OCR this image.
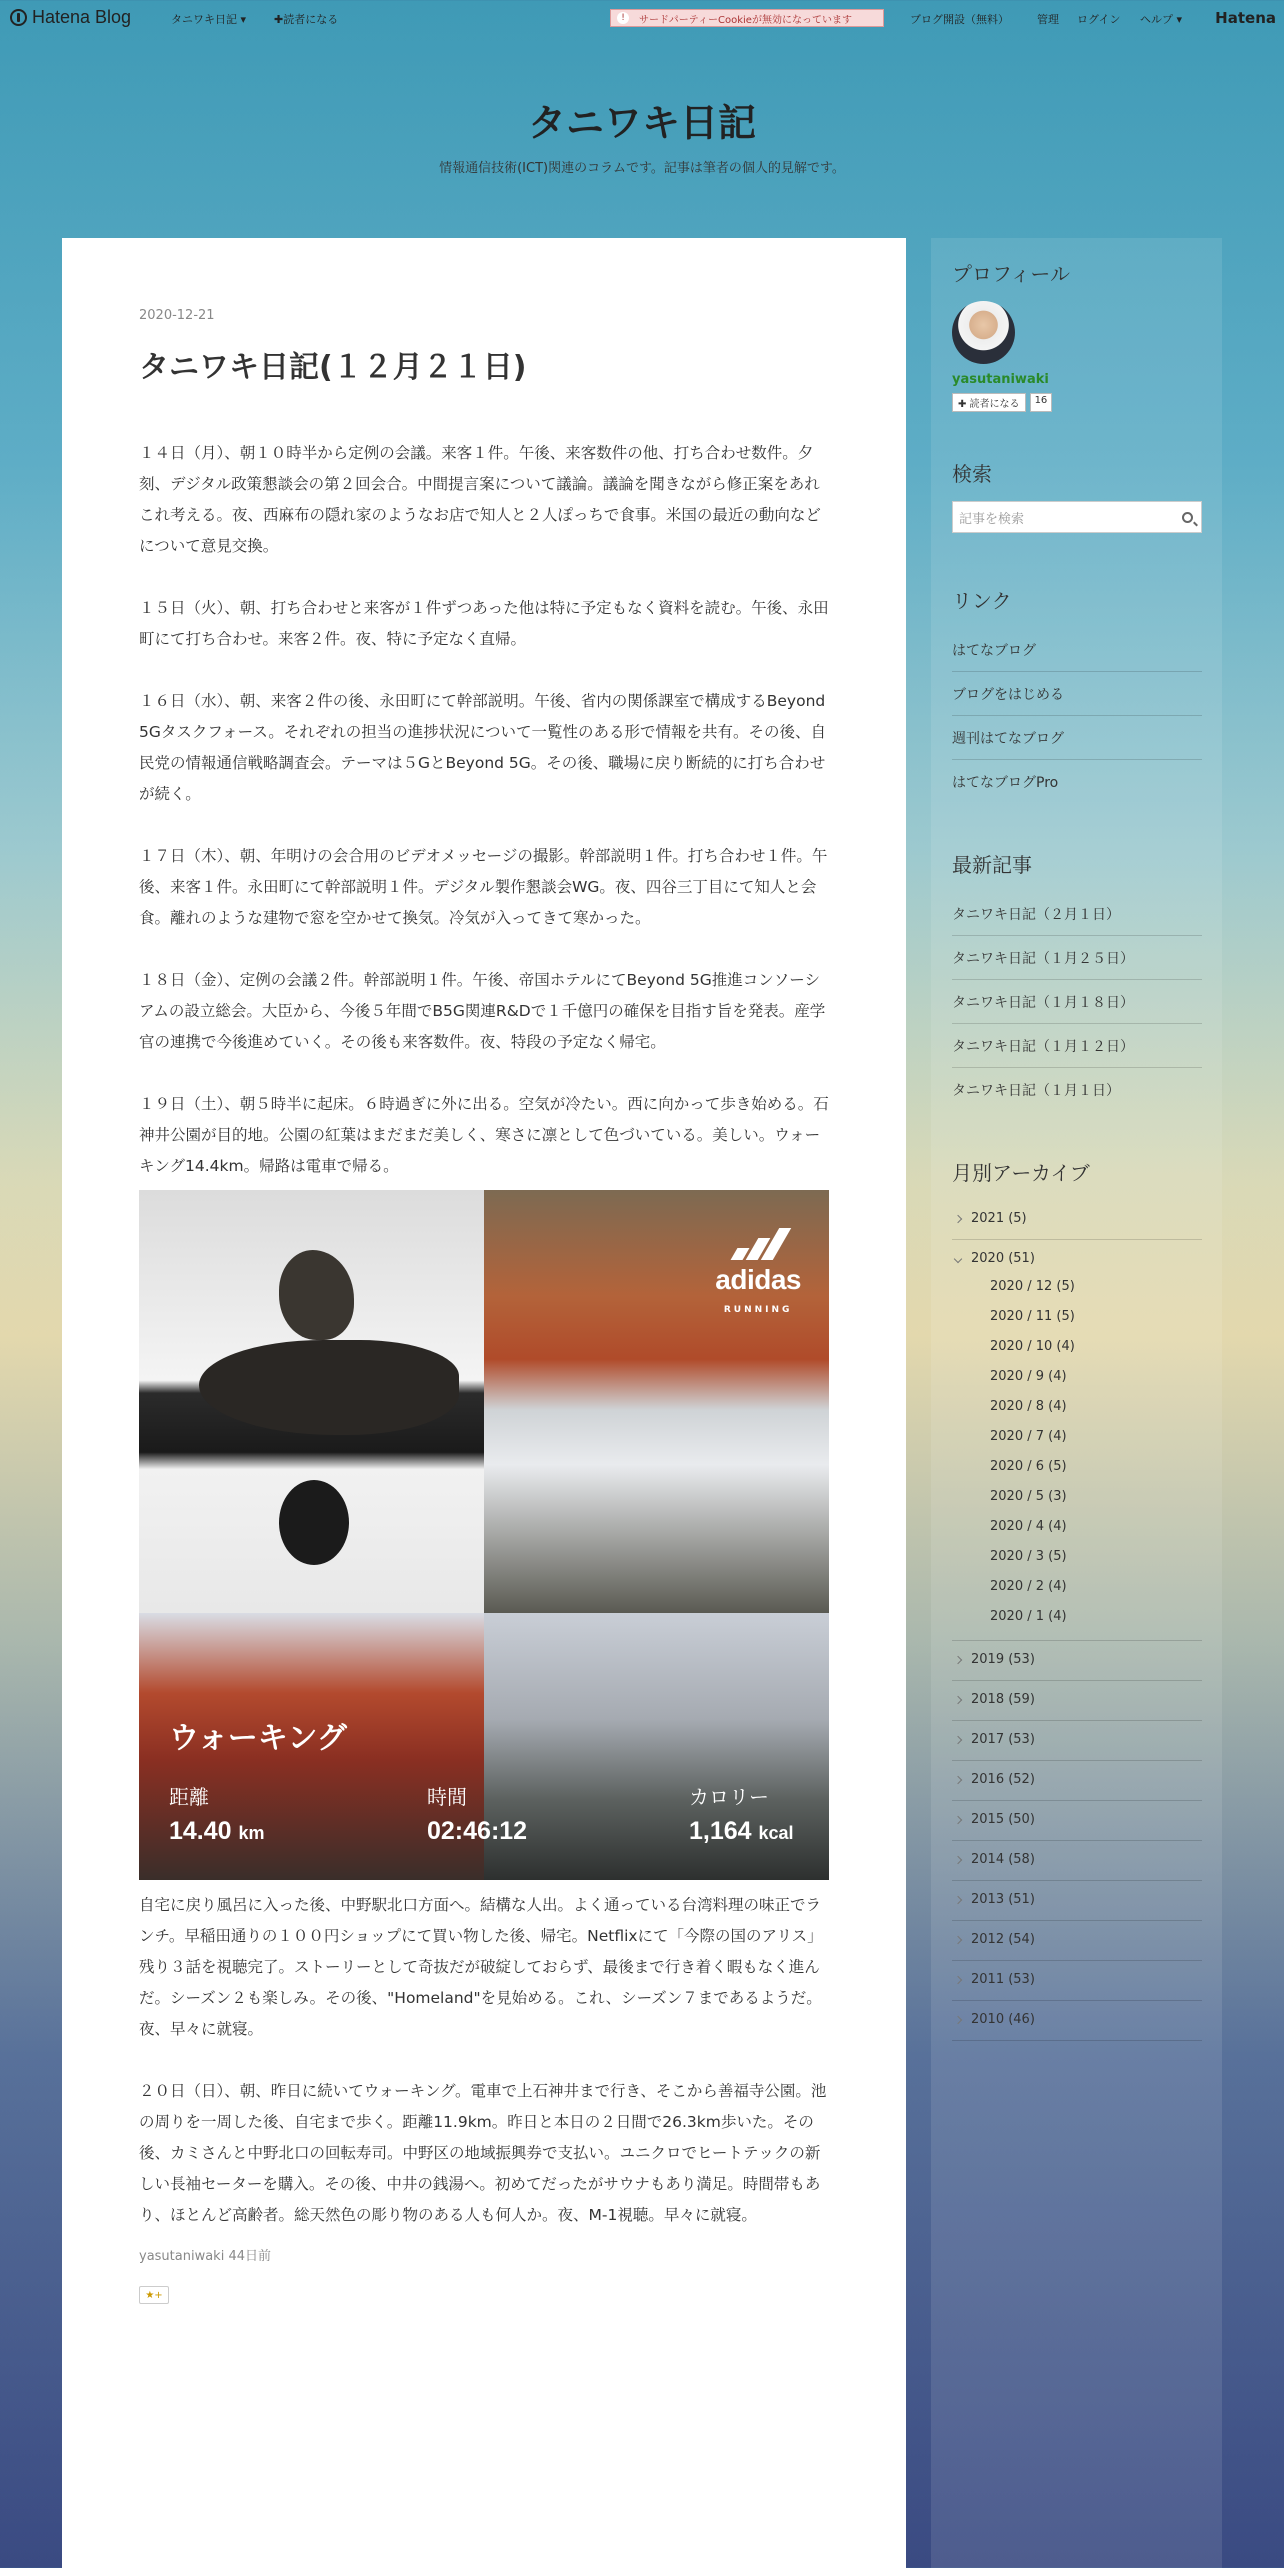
Hatena Blog	タニワキ日記 ▾	✚読者になる	!	サードパーティーCookieが無効になっています	ブログ開設（無料）	管理 ログイン ヘルプ ▾ Hatena
タニワキ日記
情報通信技術(ICT)関連のコラムです。記事は筆者の個人的見解です。
2020-12-21
タニワキ日記(１２月２１日)

１４日（月）、朝１０時半から定例の会議。来客１件。午後、来客数件の他、打ち合わせ数件。夕刻、デジタル政策懇談会の第２回会合。中間提言案について議論。議論を聞きながら修正案をあれこれ考える。夜、西麻布の隠れ家のようなお店で知人と２人ぽっちで食事。米国の最近の動向などについて意見交換。

１５日（火）、朝、打ち合わせと来客が１件ずつあった他は特に予定もなく資料を読む。午後、永田町にて打ち合わせ。来客２件。夜、特に予定なく直帰。

１６日（水）、朝、来客２件の後、永田町にて幹部説明。午後、省内の関係課室で構成するBeyond 5Gタスクフォース。それぞれの担当の進捗状況について一覧性のある形で情報を共有。その後、自民党の情報通信戦略調査会。テーマは５GとBeyond 5G。その後、職場に戻り断続的に打ち合わせが続く。

１７日（木）、朝、年明けの会合用のビデオメッセージの撮影。幹部説明１件。打ち合わせ１件。午後、来客１件。永田町にて幹部説明１件。デジタル製作懇談会WG。夜、四谷三丁目にて知人と会食。離れのような建物で窓を空かせて換気。冷気が入ってきて寒かった。

１８日（金）、定例の会議２件。幹部説明１件。午後、帝国ホテルにてBeyond 5G推進コンソーシアムの設立総会。大臣から、今後５年間でB5G関連R&Dで１千億円の確保を目指す旨を発表。産学官の連携で今後進めていく。その後も来客数件。夜、特段の予定なく帰宅。

１９日（土）、朝５時半に起床。６時過ぎに外に出る。空気が冷たい。西に向かって歩き始める。石神井公園が目的地。公園の紅葉はまだまだ美しく、寒さに凛として色づいている。美しい。ウォーキング14.4km。帰路は電車で帰る。

adidas
RUNNING
ウォーキング
距離
14.40 km
時間
02:46:12
カロリー
1,164 kcal

自宅に戻り風呂に入った後、中野駅北口方面へ。結構な人出。よく通っている台湾料理の味正でランチ。早稲田通りの１００円ショップにて買い物した後、帰宅。Netflixにて「今際の国のアリス」残り３話を視聴完了。ストーリーとして奇抜だが破綻しておらず、最後まで行き着く暇もなく進んだ。シーズン２も楽しみ。その後、"Homeland"を見始める。これ、シーズン７まであるようだ。夜、早々に就寝。

２０日（日）、朝、昨日に続いてウォーキング。電車で上石神井まで行き、そこから善福寺公園。池の周りを一周した後、自宅まで歩く。距離11.9km。昨日と本日の２日間で26.3km歩いた。その後、カミさんと中野北口の回転寿司。中野区の地域振興券で支払い。ユニクロでヒートテックの新しい長袖セーターを購入。その後、中井の銭湯へ。初めてだったがサウナもあり満足。時間帯もあり、ほとんど高齢者。総天然色の彫り物のある人も何人か。夜、M-1視聴。早々に就寝。

yasutaniwaki 44日前
★+
プロフィール
yasutaniwaki
✚ 読者になる	16
検索
記事を検索
リンク
はてなブログ
ブログをはじめる
週刊はてなブログ
はてなブログPro
最新記事
タニワキ日記（２月１日）
タニワキ日記（１月２５日）
タニワキ日記（１月１８日）
タニワキ日記（１月１２日）
タニワキ日記（１月１日）
月別アーカイブ
2021 (5)
2020 (51)
2020 / 12 (5)
2020 / 11 (5)
2020 / 10 (4)
2020 / 9 (4)
2020 / 8 (4)
2020 / 7 (4)
2020 / 6 (5)
2020 / 5 (3)
2020 / 4 (4)
2020 / 3 (5)
2020 / 2 (4)
2020 / 1 (4)
2019 (53)
2018 (59)
2017 (53)
2016 (52)
2015 (50)
2014 (58)
2013 (51)
2012 (54)
2011 (53)
2010 (46)
